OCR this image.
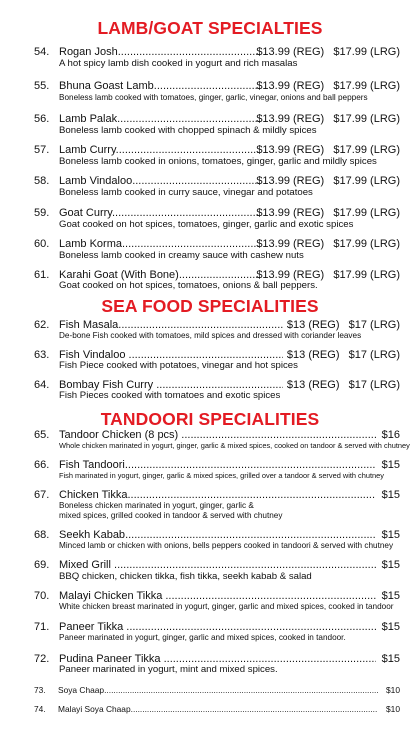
LAMB/GOAT SPECIALTIES
54. Rogan Josh .....	$13.99 (REG)   $17.99 (LRG)
A hot spicy lamb dish cooked in yogurt and rich masalas
55. Bhuna Goast Lamb .....	$13.99 (REG)   $17.99 (LRG)
Boneless lamb cooked with tomatoes, ginger, garlic, vinegar, onions and ball peppers
56. Lamb Palak .....	$13.99 (REG)   $17.99 (LRG)
Boneless lamb cooked with chopped spinach & mildly spices
57. Lamb Curry .....	$13.99 (REG)   $17.99 (LRG)
Boneless lamb cooked in onions, tomatoes, ginger, garlic and mildly spices
58. Lamb Vindaloo .....	$13.99 (REG)   $17.99 (LRG)
Boneless lamb cooked in curry sauce, vinegar and potatoes
59. Goat Curry .....	$13.99 (REG)   $17.99 (LRG)
Goat cooked on hot spices, tomatoes, ginger, garlic and exotic spices
60. Lamb Korma .....	$13.99 (REG)   $17.99 (LRG)
Boneless lamb cooked in creamy sauce with cashew nuts
61. Karahi Goat (With Bone) .....	$13.99 (REG)   $17.99 (LRG)
Goat cooked on hot spices, tomatoes, onions & ball peppers.
SEA FOOD SPECIALITIES
62. Fish Masala .....	$13 (REG)   $17 (LRG)
De-bone Fish cooked with tomatoes, mild spices and dressed with coriander leaves
63. Fish Vindaloo .....	$13 (REG)   $17 (LRG)
Fish Piece cooked with potatoes, vinegar and hot spices
64. Bombay Fish Curry .....	$13 (REG)   $17 (LRG)
Fish Pieces cooked with tomatoes and exotic spices
TANDOORI SPECIALITIES
65. Tandoor Chicken (8 pcs) .....	$16
Whole chicken marinated in yogurt, ginger, garlic & mixed spices, cooked on tandoor & served with chutney
66. Fish Tandoori .....	$15
Fish marinated in yogurt, ginger, garlic & mixed spices, grilled over a tandoor & served with chutney
67. Chicken Tikka .....	$15
Boneless chicken marinated in yogurt, ginger, garlic &
mixed spices, grilled cooked in tandoor & served with chutney
68. Seekh Kabab .....	$15
Minced lamb or chicken with onions, bells peppers cooked in tandoori & served with chutney
69. Mixed Grill .....	$15
BBQ chicken, chicken tikka, fish tikka, seekh kabab & salad
70. Malayi Chicken Tikka .....	$15
White chicken breast marinated in yogurt, ginger, garlic and mixed spices, cooked in tandoor
71. Paneer Tikka .....	$15
Paneer marinated in yogurt, ginger, garlic and mixed spices, cooked in tandoor.
72. Pudina Paneer Tikka .....	$15
Paneer marinated in yogurt, mint and mixed spices.
73. Soya Chaap .....	$10
74. Malayi Soya Chaap .....	$10
